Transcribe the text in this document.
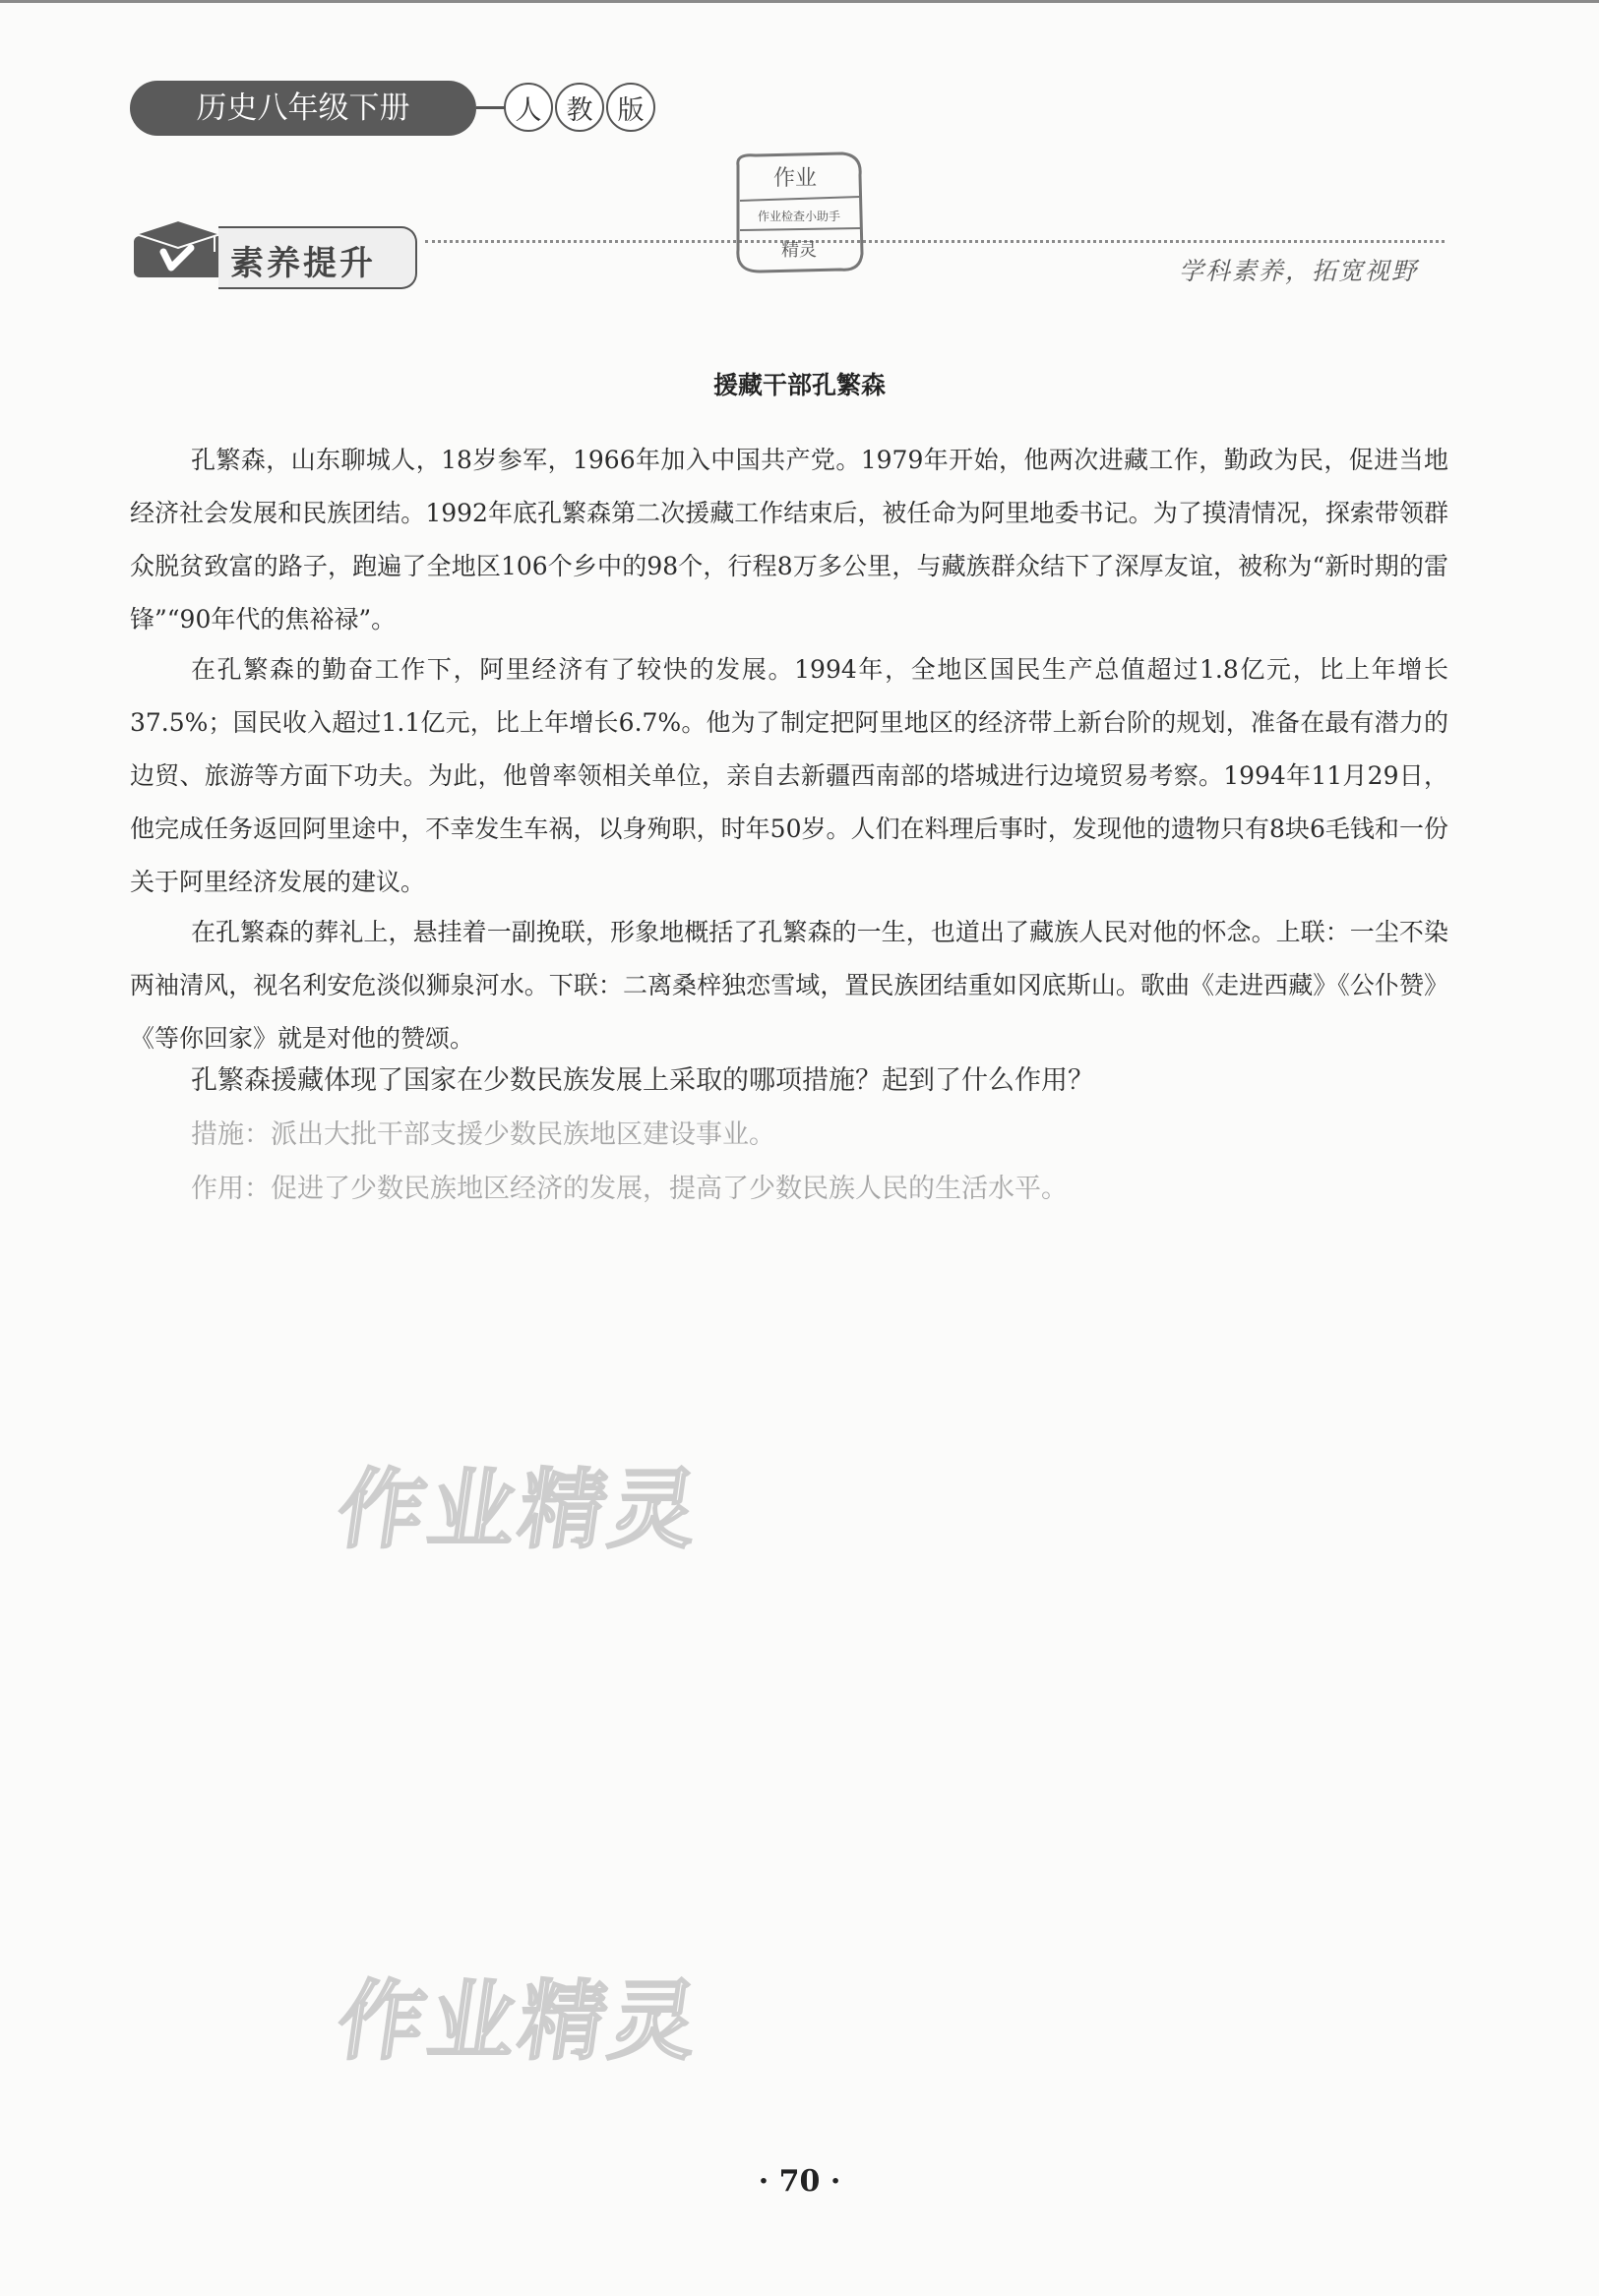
历史八年级下册	人 教 版
素养提升	学科素养，拓宽视野
作业
作业检查小助手
精灵
援藏干部孔繁森

孔繁森，山东聊城人，18岁参军，1966年加入中国共产党。1979年开始，他两次进藏工作，勤政为民，促进当地经济社会发展和民族团结。1992年底孔繁森第二次援藏工作结束后，被任命为阿里地委书记。为了摸清情况，探索带领群众脱贫致富的路子，跑遍了全地区106个乡中的98个，行程8万多公里，与藏族群众结下了深厚友谊，被称为“新时期的雷锋”“90年代的焦裕禄”。

在孔繁森的勤奋工作下，阿里经济有了较快的发展。1994年，全地区国民生产总值超过1.8亿元，比上年增长37.5%；国民收入超过1.1亿元，比上年增长6.7%。他为了制定把阿里地区的经济带上新台阶的规划，准备在最有潜力的边贸、旅游等方面下功夫。为此，他曾率领相关单位，亲自去新疆西南部的塔城进行边境贸易考察。1994年11月29日，他完成任务返回阿里途中，不幸发生车祸，以身殉职，时年50岁。人们在料理后事时，发现他的遗物只有8块6毛钱和一份关于阿里经济发展的建议。

在孔繁森的葬礼上，悬挂着一副挽联，形象地概括了孔繁森的一生，也道出了藏族人民对他的怀念。上联：一尘不染两袖清风，视名利安危淡似狮泉河水。下联：二离桑梓独恋雪域，置民族团结重如冈底斯山。歌曲《走进西藏》《公仆赞》《等你回家》就是对他的赞颂。

孔繁森援藏体现了国家在少数民族发展上采取的哪项措施？起到了什么作用？
措施：派出大批干部支援少数民族地区建设事业。
作用：促进了少数民族地区经济的发展，提高了少数民族人民的生活水平。
作业精灵
作业精灵
· 70 ·
